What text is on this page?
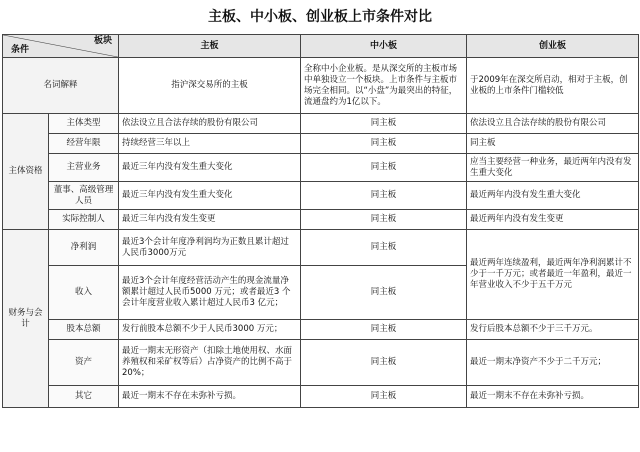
主板、中小板、创业板上市条件对比
板块
条件		主板	中小板	创业板
名词解释		指沪深交易所的主板	全称中小企业板。是从深交所的主板市场中单独设立一个板块。上市条件与主板市场完全相同。以“小盘”为最突出的特征，流通盘约为1亿以下。	于2009年在深交所启动，相对于主板，创业板的上市条件门槛较低
主体资格	主体类型	依法设立且合法存续的股份有限公司	同主板	依法设立且合法存续的股份有限公司
	经营年限	持续经营三年以上	同主板	同主板
	主营业务	最近三年内没有发生重大变化	同主板	应当主要经营一种业务，最近两年内没有发生重大变化
	董事、高级管理人员	最近三年内没有发生重大变化	同主板	最近两年内没有发生重大变化
	实际控制人	最近三年内没有发生变更	同主板	最近两年内没有发生变更
财务与会计	净利润	最近3个会计年度净利润均为正数且累计超过人民币3000万元	同主板	最近两年连续盈利，最近两年净利润累计不少于一千万元；或者最近一年盈利，最近一年营业收入不少于五千万元
	收入	最近3个会计年度经营活动产生的现金流量净额累计超过人民币5000 万元；或者最近3 个会计年度营业收入累计超过人民币3 亿元；	同主板	
	股本总额	发行前股本总额不少于人民币3000 万元；	同主板	发行后股本总额不少于三千万元。
	资产	最近一期末无形资产（扣除土地使用权、水面养殖权和采矿权等后）占净资产的比例不高于20%；	同主板	最近一期末净资产不少于二千万元；
	其它	最近一期末不存在未弥补亏损。	同主板	最近一期末不存在未弥补亏损。
